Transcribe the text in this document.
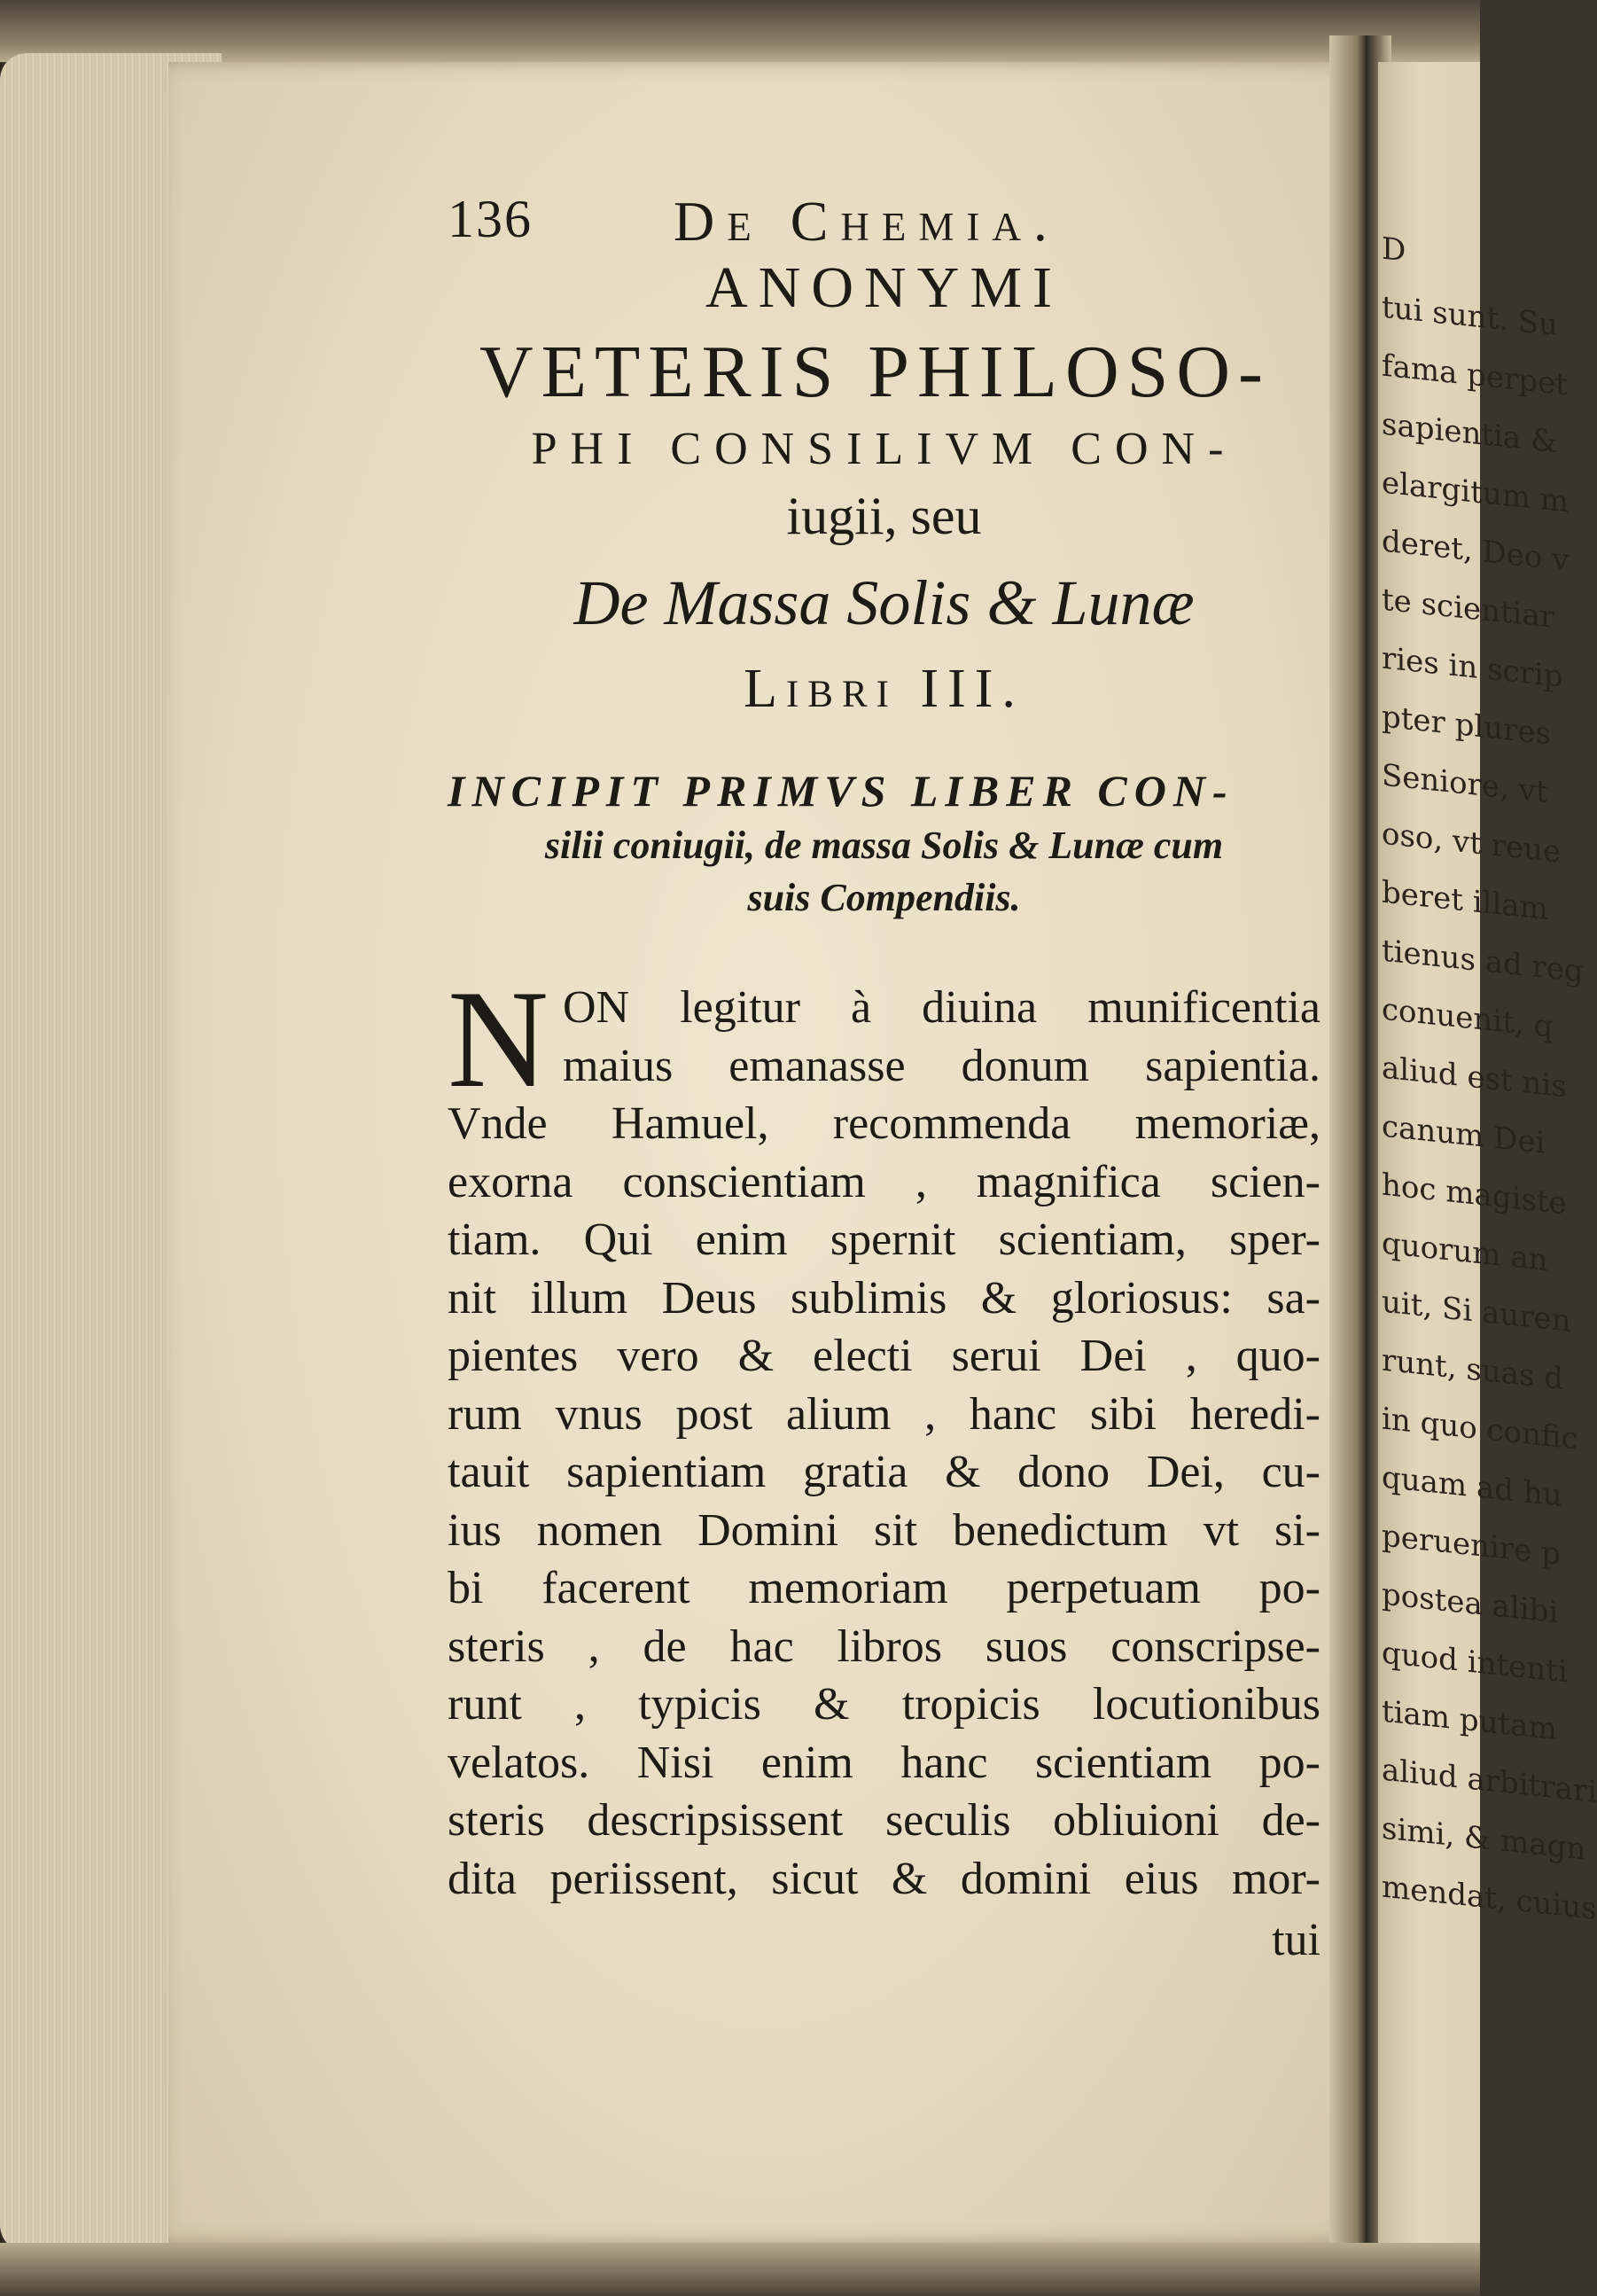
D
tui sunt. Su
fama perpet
sapientia &
elargitum m
deret, Deo v
te scientiar
ries in scrip
pter plures
Seniore, vt
oso, vt reue
beret illam
tienus ad reg
conuenit, q
aliud est nis
canum Dei
hoc magiste
quorum an
uit, Si auren
runt, suas d
in quo confic
quam ad hu
peruenire p
postea alibi
quod intenti
tiam putam
aliud arbitrari
simi, & magn
mendat, cuius
136 De Chemia.
ANONYMI
VETERIS PHILOSO-
PHI CONSILIVM CON-
iugii, seu
De Massa Solis & Lunæ
Libri III.
INCIPIT PRIMVS LIBER CON-
silii coniugii, de massa Solis & Lunæ cum
suis Compendiis.
N ON legitur à diuina munificentia
maius emanasse donum sapientia.
Vnde Hamuel, recommenda memoriæ,
exorna conscientiam , magnifica scien-
tiam. Qui enim spernit scientiam, sper-
nit illum Deus sublimis & gloriosus: sa-
pientes vero & electi serui Dei , quo-
rum vnus post alium , hanc sibi heredi-
tauit sapientiam gratia & dono Dei, cu-
ius nomen Domini sit benedictum vt si-
bi facerent memoriam perpetuam po-
steris , de hac libros suos conscripse-
runt , typicis & tropicis locutionibus
velatos. Nisi enim hanc scientiam po-
steris descripsissent seculis obliuioni de-
dita periissent, sicut & domini eius mor-
tui
